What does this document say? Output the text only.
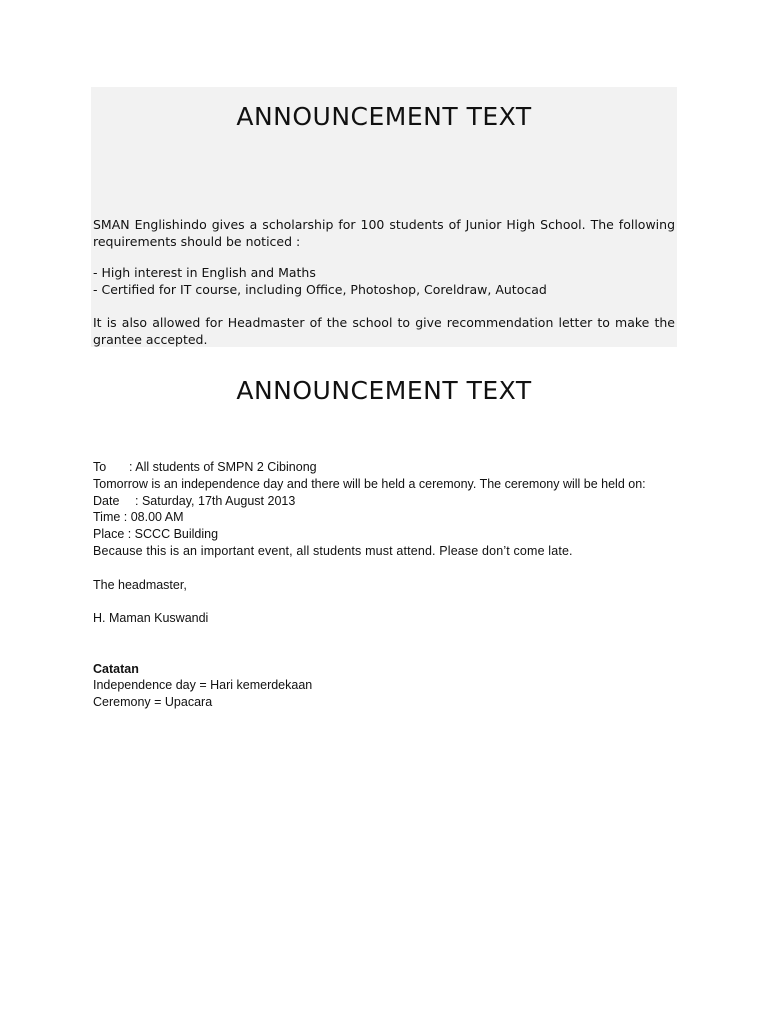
ANNOUNCEMENT TEXT

SMAN Englishindo gives a scholarship for 100 students of Junior High School. The following requirements should be noticed :

- High interest in English and Maths
- Certified for IT course, including Office, Photoshop, Coreldraw, Autocad

It is also allowed for Headmaster of the school to give recommendation letter to make the grantee accepted.

ANNOUNCEMENT TEXT
To : All students of SMPN 2 Cibinong
Tomorrow is an independence day and there will be held a ceremony. The ceremony will be held on:
Date : Saturday, 17th August 2013
Time : 08.00 AM
Place : SCCC Building
Because this is an important event, all students must attend. Please don’t come late.
The headmaster,
H. Maman Kuswandi
Catatan
Independence day = Hari kemerdekaan
Ceremony = Upacara
